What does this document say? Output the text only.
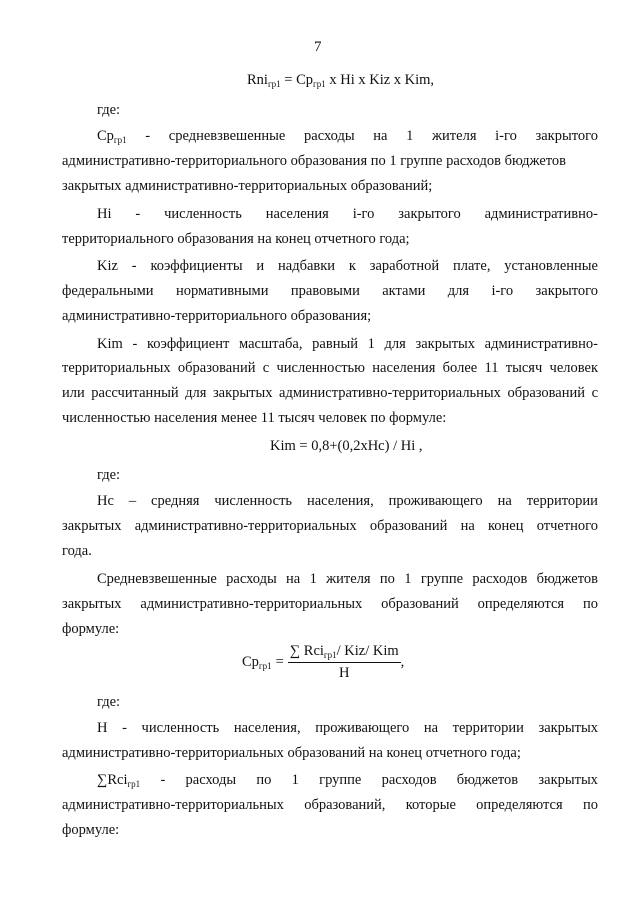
7
$Rni_{гр1} = Ср_{гр1}$ х Hi х Kiz х Kim,
где:
$Ср_{гр1}$ - средневзвешенные расходы на 1 жителя i-го закрытого
административно-территориального образования по 1 группе расходов бюджетов
закрытых административно-территориальных образований;
Hi - численность населения i-го закрытого административно-
территориального образования на конец отчетного года;
Kiz - коэффициенты и надбавки к заработной плате, установленные
федеральными нормативными правовыми актами для i-го закрытого
административно-территориального образования;
Kim - коэффициент масштаба, равный 1 для закрытых административно-
территориальных образований с численностью населения более 11 тысяч человек
или рассчитанный для закрытых административно-территориальных образований с
численностью населения менее 11 тысяч человек по формуле:
Kim = 0,8+(0,2хНс) / Hi ,
где:
Нс – средняя численность населения, проживающего на территории
закрытых административно-территориальных образований на конец отчетного
года.
Средневзвешенные расходы на 1 жителя по 1 группе расходов бюджетов
закрытых административно-территориальных образований определяются по
формуле:
$Ср_{гр1} = \frac{\sum Rci_{гр1}/ Kiz/ Kim}{Н}$ ,
где:
Н - численность населения, проживающего на территории закрытых
административно-территориальных образований на конец отчетного года;
∑Rci$_{гр1}$ - расходы по 1 группе расходов бюджетов закрытых
административно-территориальных образований, которые определяются по
формуле:
